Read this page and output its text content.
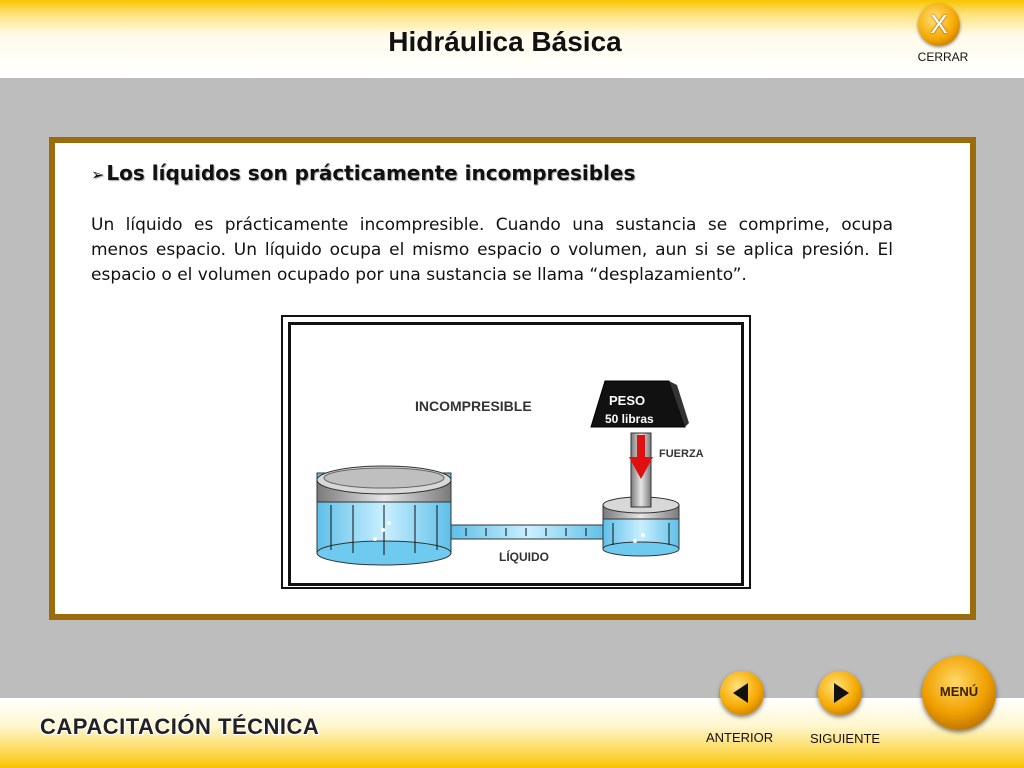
Hidráulica Básica
X
CERRAR
➢ Los líquidos son prácticamente incompresibles
Un líquido es prácticamente incompresible. Cuando una sustancia se comprime, ocupa menos espacio. Un líquido ocupa el mismo espacio o volumen, aun si se aplica presión. El espacio o el volumen ocupado por una sustancia se llama “desplazamiento”.
INCOMPRESIBLE
FUERZA
LÍQUIDO
PESO
50 libras
CAPACITACIÓN TÉCNICA	ANTERIOR	SIGUIENTE
MENÚ
